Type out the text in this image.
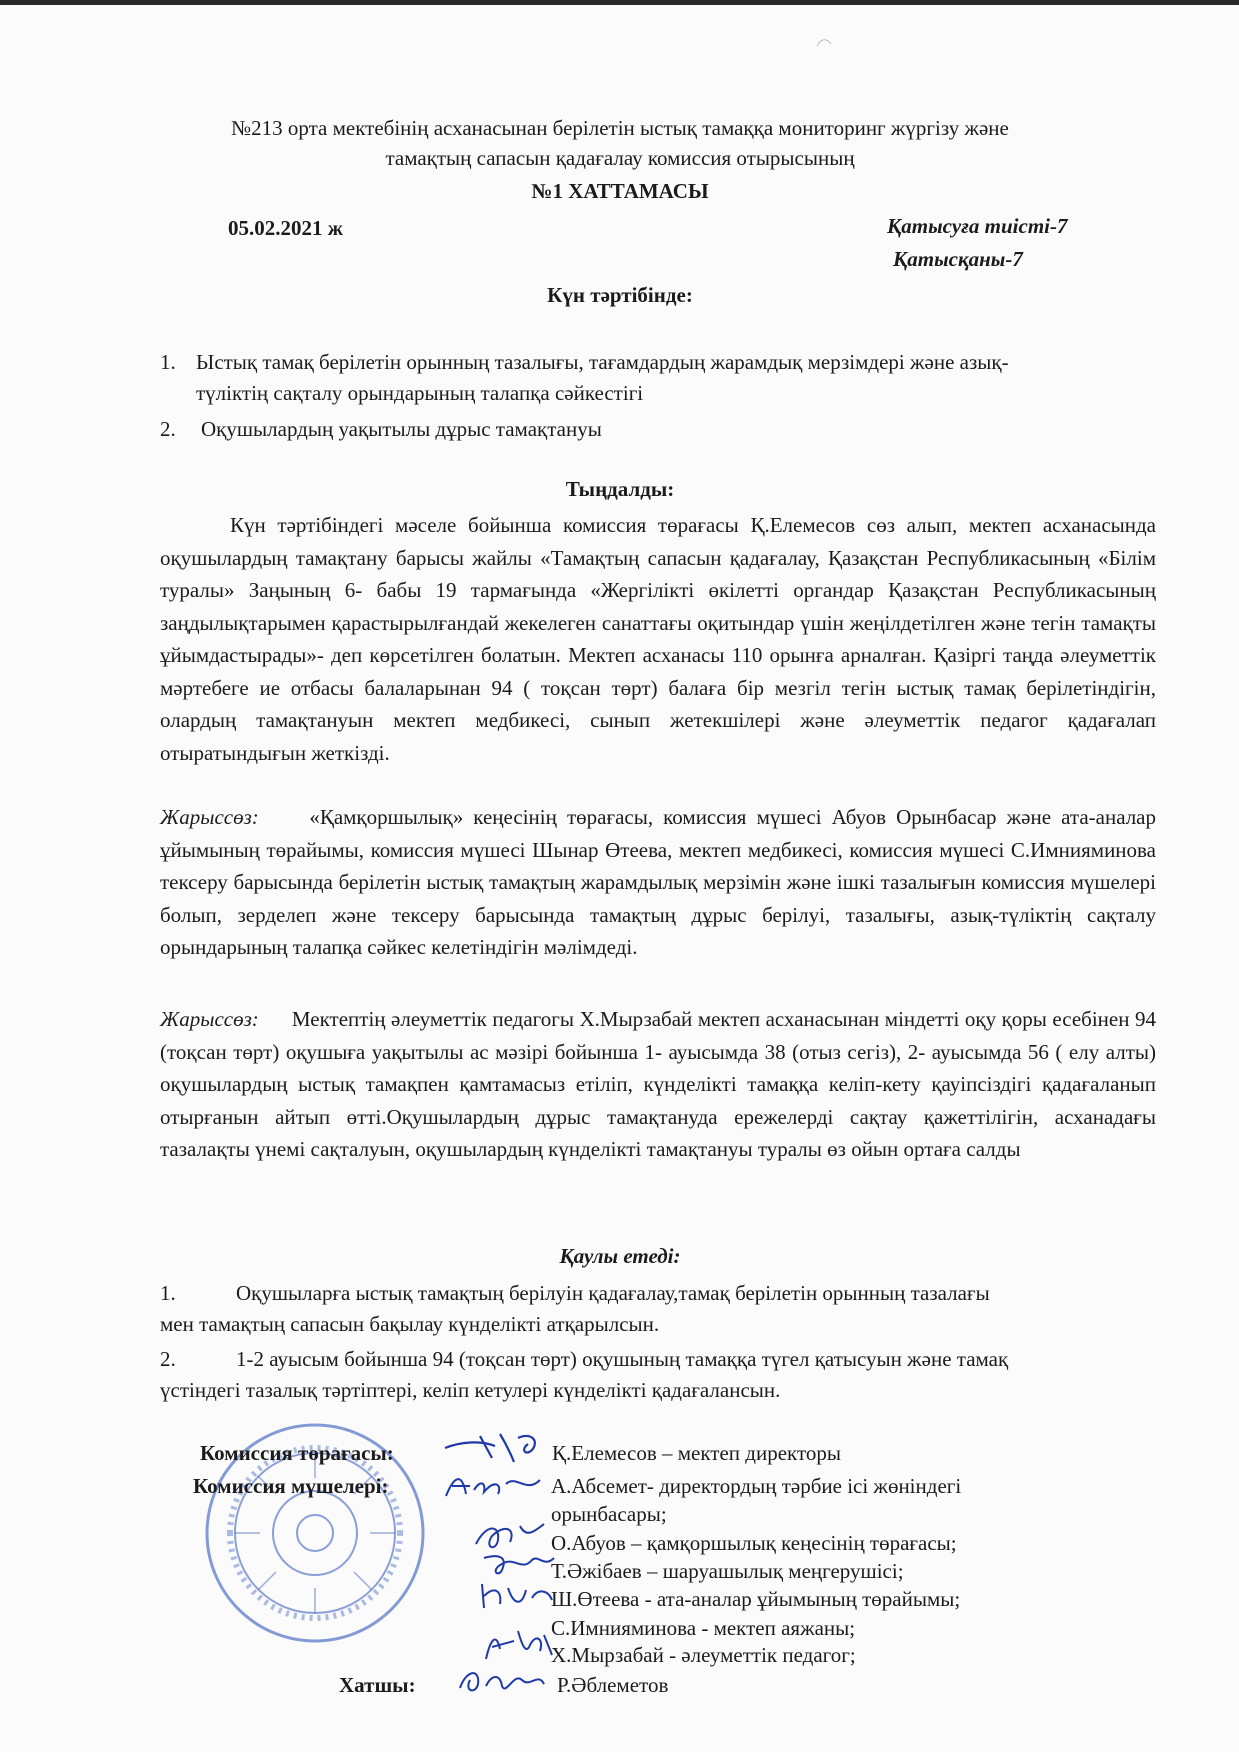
№213 орта мектебінің асханасынан берілетін ыстық тамаққа мониторинг жүргізу және
тамақтың сапасын қадағалау комиссия отырысының
№1 ХАТТАМАСЫ
05.02.2021 ж	Қатысуға тиісті-7
Қатысқаны-7
Күн тәртібінде:
1. Ыстық тамақ берілетін орынның тазалығы, тағамдардың жарамдық мерзімдері және азық-
түліктің сақталу орындарының талапқа сәйкестігі
2. Оқушылардың уақытылы дұрыс тамақтануы
Тыңдалды:
Күн тәртібіндегі мәселе бойынша комиссия төрағасы Қ.Елемесов сөз алып, мектеп асханасында оқушылардың тамақтану барысы жайлы «Тамақтың сапасын қадағалау, Қазақстан Республикасының «Білім туралы» Заңының 6- бабы 19 тармағында «Жергілікті өкілетті органдар Қазақстан Республикасының заңдылықтарымен қарастырылғандай жекелеген санаттағы оқитындар үшін жеңілдетілген және тегін тамақты ұйымдастырады»- деп көрсетілген болатын. Мектеп асханасы 110 орынға арналған. Қазіргі таңда әлеуметтік мәртебеге ие отбасы балаларынан 94 ( тоқсан төрт) балаға бір мезгіл тегін ыстық тамақ берілетіндігін, олардың тамақтануын мектеп медбикесі, сынып жетекшілері және әлеуметтік педагог қадағалап отыратындығын жеткізді.
Жарыссөз: «Қамқоршылық» кеңесінің төрағасы, комиссия мүшесі Абуов Орынбасар және ата-аналар ұйымының төрайымы, комиссия мүшесі Шынар Өтеева, мектеп медбикесі, комиссия мүшесі С.Имнияминова тексеру барысында берілетін ыстық тамақтың жарамдылық мерзімін және ішкі тазалығын комиссия мүшелері болып, зерделеп және тексеру барысында тамақтың дұрыс берілуі, тазалығы, азық-түліктің сақталу орындарының талапқа сәйкес келетіндігін мәлімдеді.
Жарыссөз: Мектептің әлеуметтік педагогы Х.Мырзабай мектеп асханасынан міндетті оқу қоры есебінен 94 (тоқсан төрт) оқушыға уақытылы ас мәзірі бойынша 1- ауысымда 38 (отыз сегіз), 2- ауысымда 56 ( елу алты) оқушылардың ыстық тамақпен қамтамасыз етіліп, күнделікті тамаққа келіп-кету қауіпсіздігі қадағаланып отырғанын айтып өтті.Оқушылардың дұрыс тамақтануда ережелерді сақтау қажеттілігін, асханадағы тазалақты үнемі сақталуын, оқушылардың күнделікті тамақтануы туралы өз ойын ортаға салды
Қаулы етеді:
1.	Оқушыларға ыстық тамақтың берілуін қадағалау,тамақ берілетін орынның тазалағы
мен тамақтың сапасын бақылау күнделікті атқарылсын.
2.	1-2 ауысым бойынша 94 (тоқсан төрт) оқушының тамаққа түгел қатысуын және тамақ
үстіндегі тазалық тәртіптері, келіп кетулері күнделікті қадағалансын.
Комиссия төрағасы:	Қ.Елемесов – мектеп директоры
Комиссия мүшелері:	А.Абсемет- директордың тәрбие ісі жөніндегі
орынбасары;
О.Абуов – қамқоршылық кеңесінің төрағасы;
Т.Әжібаев – шаруашылық меңгерушісі;
Ш.Өтеева - ата-аналар ұйымының төрайымы;
С.Имнияминова - мектеп аяжаны;
Х.Мырзабай - әлеуметтік педагог;
Хатшы:	Р.Әблеметов
